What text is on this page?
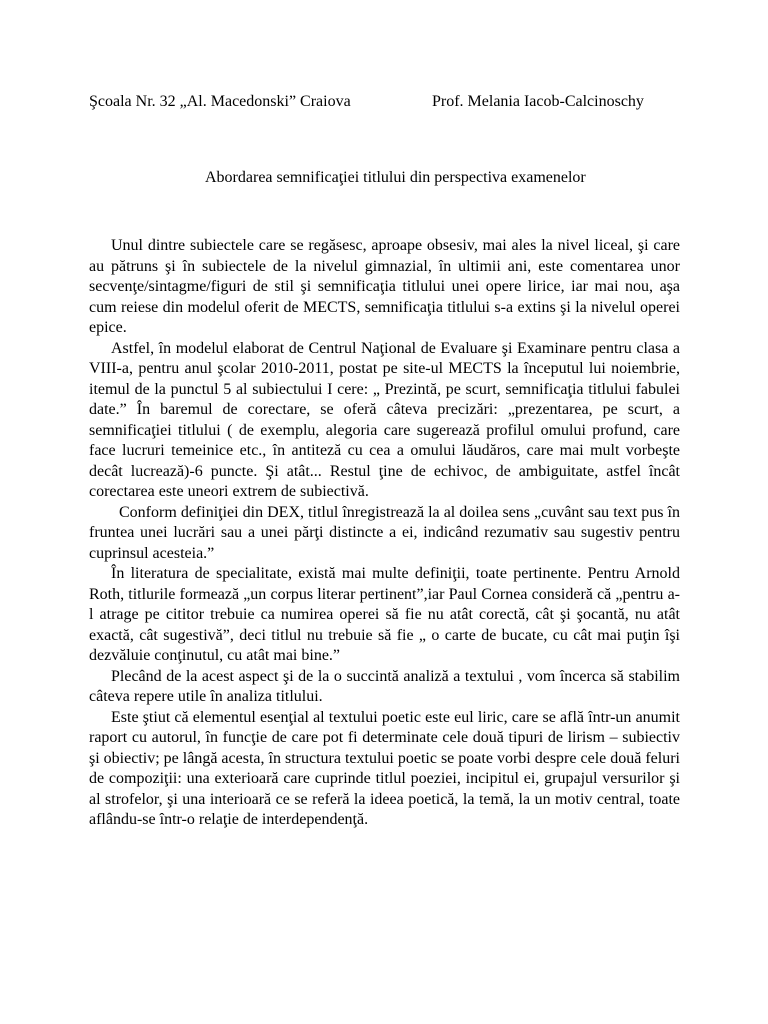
Şcoala Nr. 32 „Al. Macedonski” Craiova	Prof. Melania Iacob-Calcinoschy
Abordarea semnificaţiei titlului din perspectiva examenelor

Unul dintre subiectele care se regăsesc, aproape obsesiv, mai ales la nivel liceal, şi care au pătruns şi în subiectele de la nivelul gimnazial, în ultimii ani, este comentarea unor secvenţe/sintagme/figuri de stil şi semnificaţia titlului unei opere lirice, iar mai nou, aşa cum reiese din modelul oferit de MECTS, semnificaţia titlului s-a extins şi la nivelul operei epice.

Astfel, în modelul elaborat de Centrul Naţional de Evaluare şi Examinare pentru clasa a VIII-a, pentru anul şcolar 2010-2011, postat pe site-ul MECTS la începutul lui noiembrie, itemul de la punctul 5 al subiectului I cere: „ Prezintă, pe scurt, semnificaţia titlului fabulei date.” În baremul de corectare, se oferă câteva precizări: „prezentarea, pe scurt, a semnificaţiei titlului ( de exemplu, alegoria care sugerează profilul omului profund, care face lucruri temeinice etc., în antiteză cu cea a omului lăudăros, care mai mult vorbeşte decât lucrează)-6 puncte. Şi atât... Restul ţine de echivoc, de ambiguitate, astfel încât corectarea este uneori extrem de subiectivă.

Conform definiţiei din DEX, titlul înregistrează la al doilea sens „cuvânt sau text pus în fruntea unei lucrări sau a unei părţi distincte a ei, indicând rezumativ sau sugestiv pentru cuprinsul acesteia.”

În literatura de specialitate, există mai multe definiţii, toate pertinente. Pentru Arnold Roth, titlurile formează „un corpus literar pertinent”,iar Paul Cornea consideră că „pentru a-l atrage pe cititor trebuie ca numirea operei să fie nu atât corectă, cât şi şocantă, nu atât exactă, cât sugestivă”, deci titlul nu trebuie să fie „ o carte de bucate, cu cât mai puţin îşi dezvăluie conţinutul, cu atât mai bine.”

Plecând de la acest aspect şi de la o succintă analiză a textului , vom încerca să stabilim câteva repere utile în analiza titlului.

Este ştiut că elementul esenţial al textului poetic este eul liric, care se află într-un anumit raport cu autorul, în funcţie de care pot fi determinate cele două tipuri de lirism – subiectiv şi obiectiv; pe lângă acesta, în structura textului poetic se poate vorbi despre cele două feluri de compoziţii: una exterioară care cuprinde titlul poeziei, incipitul ei, grupajul versurilor şi al strofelor, şi una interioară ce se referă la ideea poetică, la temă, la un motiv central, toate aflându-se într-o relaţie de interdependenţă.
